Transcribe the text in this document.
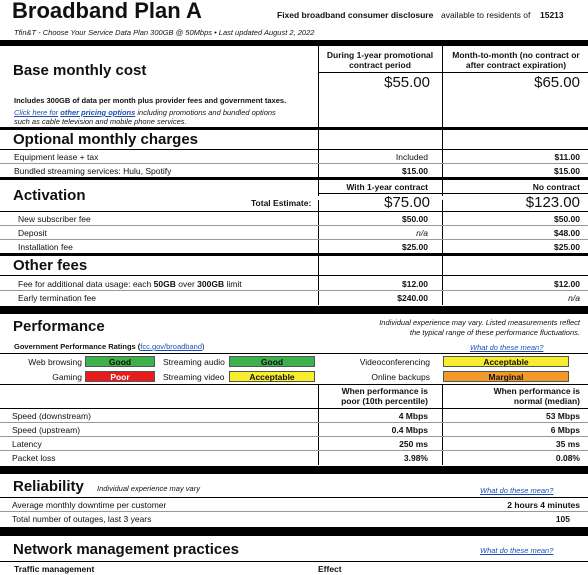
Broadband Plan A	Fixed broadband consumer disclosure available to residents of 15213
Tfin&T - Choose Your Service Data Plan 300GB @ 50Mbps • Last updated August 2, 2022
During 1-year promotional contract period
Month-to-month (no contract or after contract expiration)
Base monthly cost
$55.00	$65.00
Includes 300GB of data per month plus provider fees and government taxes.
Click here for other pricing options including promotions and bundled options
such as cable television and mobile phone services.
Optional monthly charges
Equipment lease + tax	Included	$11.00
Bundled streaming services: Hulu, Spotify	$15.00	$15.00
With 1-year contract	No contract
Activation	Total Estimate:	$75.00	$123.00
New subscriber fee	$50.00	$50.00
Deposit	n/a	$48.00
Installation fee	$25.00	$25.00
Other fees
Fee for additional data usage: each 50GB over 300GB limit	$12.00	$12.00
Early termination fee	$240.00	n/a
Performance	Individual experience may vary. Listed measurements reflect
the typical range of these performance fluctuations.
Government Performance Ratings (fcc.gov/broadband)	What do these mean?
Web browsing	Good
Gaming	Poor
Streaming audio	Good
Streaming video	Acceptable
Videoconferencing	Acceptable
Online backups	Marginal
When performance is
poor (10th percentile)
When performance is
normal (median)
Speed (downstream)	4 Mbps	53 Mbps
Speed (upstream)	0.4 Mbps	6 Mbps
Latency	250 ms	35 ms
Packet loss	3.98%	0.08%
Reliability Individual experience may vary	What do these mean?
Average monthly downtime per customer	2 hours 4 minutes
Total number of outages, last 3 years	105
Network management practices	What do these mean?
Traffic management	Effect
